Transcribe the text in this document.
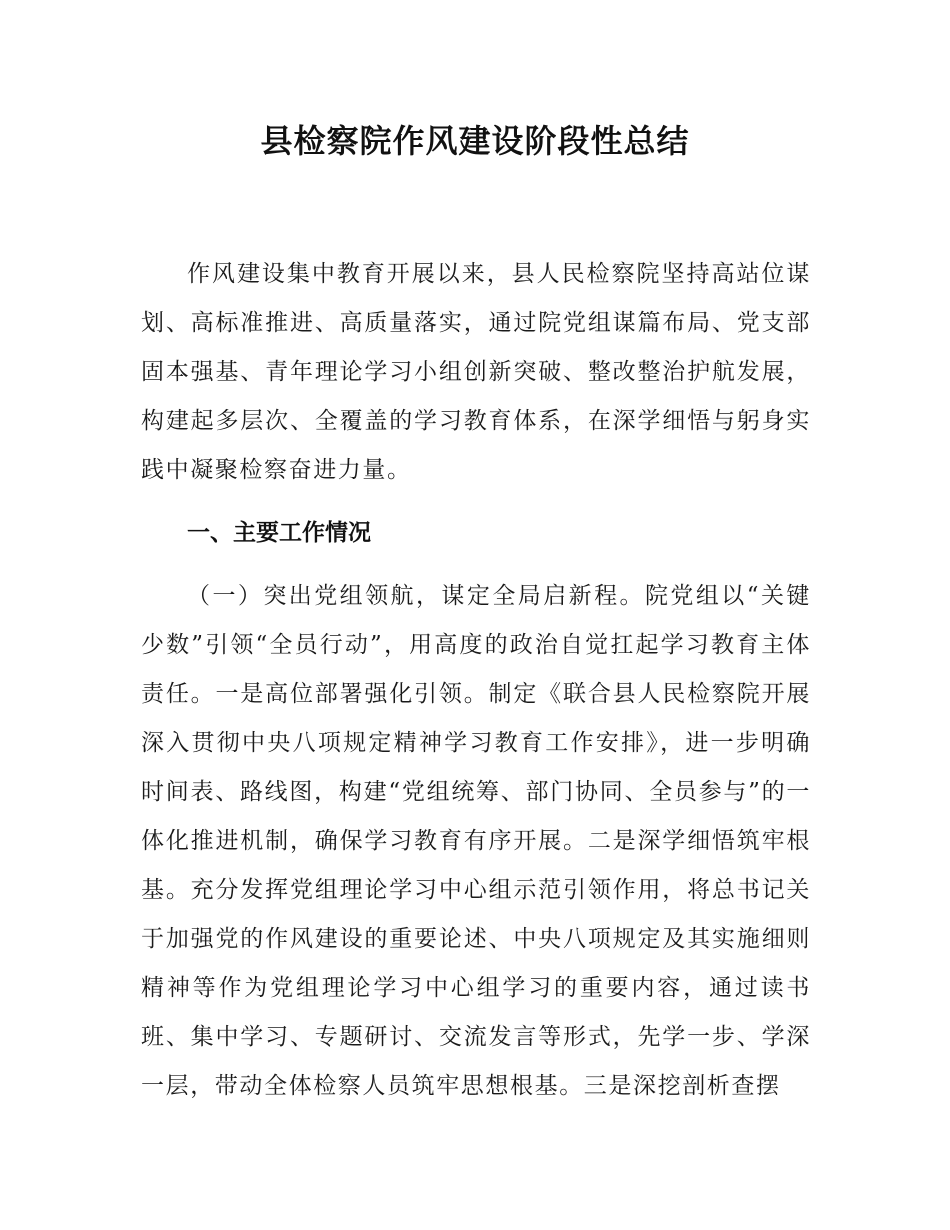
县检察院作风建设阶段性总结

作风建设集中教育开展以来，县人民检察院坚持高站位谋划、高标准推进、高质量落实，通过院党组谋篇布局、党支部固本强基、青年理论学习小组创新突破、整改整治护航发展，构建起多层次、全覆盖的学习教育体系，在深学细悟与躬身实践中凝聚检察奋进力量。

一、主要工作情况

（一）突出党组领航，谋定全局启新程。院党组以“关键少数”引领“全员行动”，用高度的政治自觉扛起学习教育主体责任。一是高位部署强化引领。制定《联合县人民检察院开展深入贯彻中央八项规定精神学习教育工作安排》，进一步明确时间表、路线图，构建“党组统筹、部门协同、全员参与”的一体化推进机制，确保学习教育有序开展。二是深学细悟筑牢根基。充分发挥党组理论学习中心组示范引领作用，将总书记关于加强党的作风建设的重要论述、中央八项规定及其实施细则精神等作为党组理论学习中心组学习的重要内容，通过读书班、集中学习、专题研讨、交流发言等形式，先学一步、学深一层，带动全体检察人员筑牢思想根基。三是深挖剖析查摆
